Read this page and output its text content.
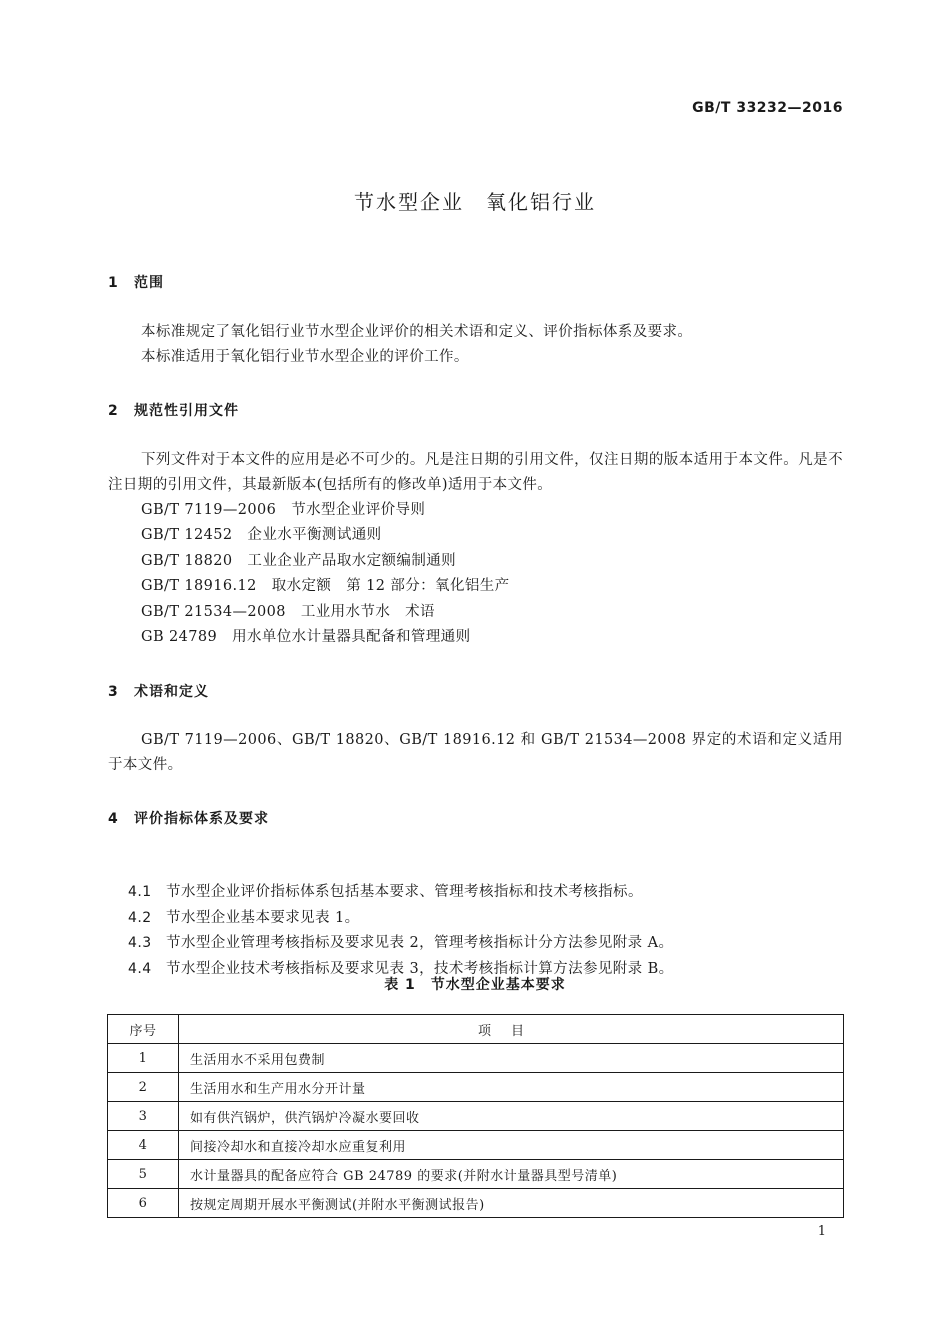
GB/T 33232—2016
节水型企业　氧化铝行业
1 范围
本标准规定了氧化铝行业节水型企业评价的相关术语和定义、评价指标体系及要求。
本标准适用于氧化铝行业节水型企业的评价工作。
2 规范性引用文件
下列文件对于本文件的应用是必不可少的。凡是注日期的引用文件，仅注日期的版本适用于本文件。凡是不注日期的引用文件，其最新版本(包括所有的修改单)适用于本文件。
GB/T 7119—2006　节水型企业评价导则
GB/T 12452　企业水平衡测试通则
GB/T 18820　工业企业产品取水定额编制通则
GB/T 18916.12　取水定额　第 12 部分：氧化铝生产
GB/T 21534—2008　工业用水节水　术语
GB 24789　用水单位水计量器具配备和管理通则
3 术语和定义
GB/T 7119—2006、GB/T 18820、GB/T 18916.12 和 GB/T 21534—2008 界定的术语和定义适用于本文件。
4 评价指标体系及要求

4.1 节水型企业评价指标体系包括基本要求、管理考核指标和技术考核指标。

4.2 节水型企业基本要求见表 1。

4.3 节水型企业管理考核指标及要求见表 2，管理考核指标计分方法参见附录 A。

4.4 节水型企业技术考核指标及要求见表 3，技术考核指标计算方法参见附录 B。

表 1　节水型企业基本要求
序号	项目
1	生活用水不采用包费制
2	生活用水和生产用水分开计量
3	如有供汽锅炉，供汽锅炉冷凝水要回收
4	间接冷却水和直接冷却水应重复利用
5	水计量器具的配备应符合 GB 24789 的要求(并附水计量器具型号清单)
6	按规定周期开展水平衡测试(并附水平衡测试报告)
1
